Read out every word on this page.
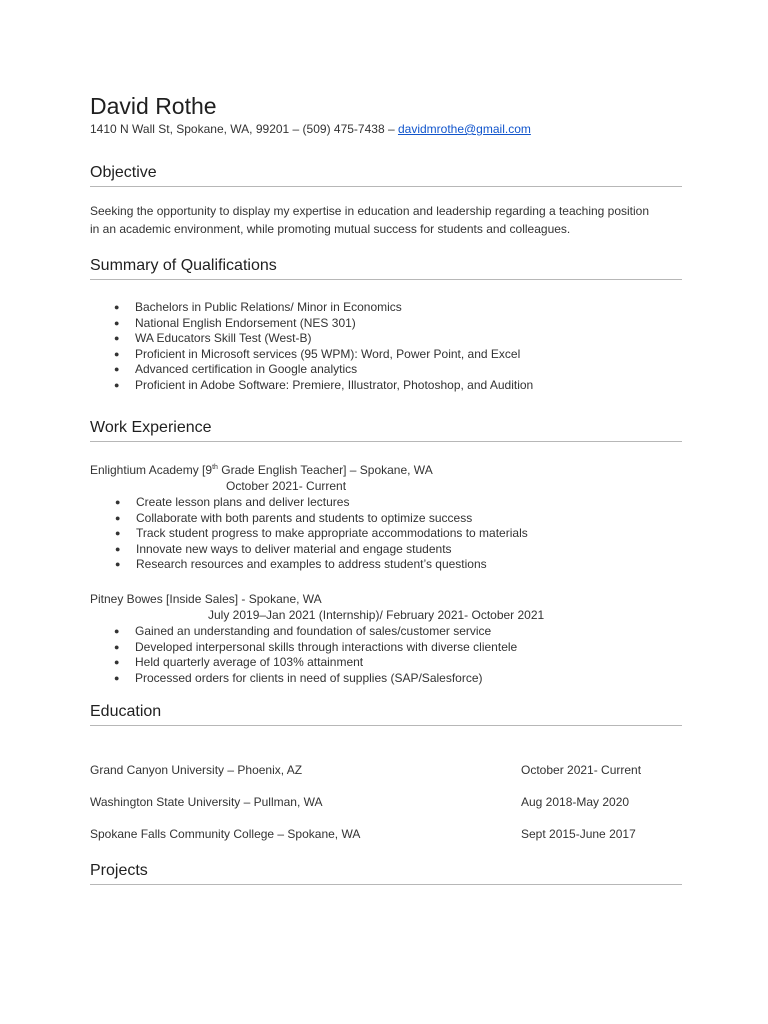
David Rothe
1410 N Wall St, Spokane, WA, 99201 – (509) 475-7438 – davidmrothe@gmail.com
Objective
Seeking the opportunity to display my expertise in education and leadership regarding a teaching position
in an academic environment, while promoting mutual success for students and colleagues.
Summary of Qualifications
● Bachelors in Public Relations/ Minor in Economics
● National English Endorsement (NES 301)
● WA Educators Skill Test (West-B)
● Proficient in Microsoft services (95 WPM): Word, Power Point, and Excel
● Advanced certification in Google analytics
● Proficient in Adobe Software: Premiere, Illustrator, Photoshop, and Audition
Work Experience
Enlightium Academy [9th Grade English Teacher] – Spokane, WA
October 2021- Current
● Create lesson plans and deliver lectures
● Collaborate with both parents and students to optimize success
● Track student progress to make appropriate accommodations to materials
● Innovate new ways to deliver material and engage students
● Research resources and examples to address student’s questions
Pitney Bowes [Inside Sales] - Spokane, WA
July 2019–Jan 2021 (Internship)/ February 2021- October 2021
● Gained an understanding and foundation of sales/customer service
● Developed interpersonal skills through interactions with diverse clientele
● Held quarterly average of 103% attainment
● Processed orders for clients in need of supplies (SAP/Salesforce)
Education
Grand Canyon University – Phoenix, AZ	October 2021- Current
Washington State University – Pullman, WA	Aug 2018-May 2020
Spokane Falls Community College – Spokane, WA	Sept 2015-June 2017
Projects
